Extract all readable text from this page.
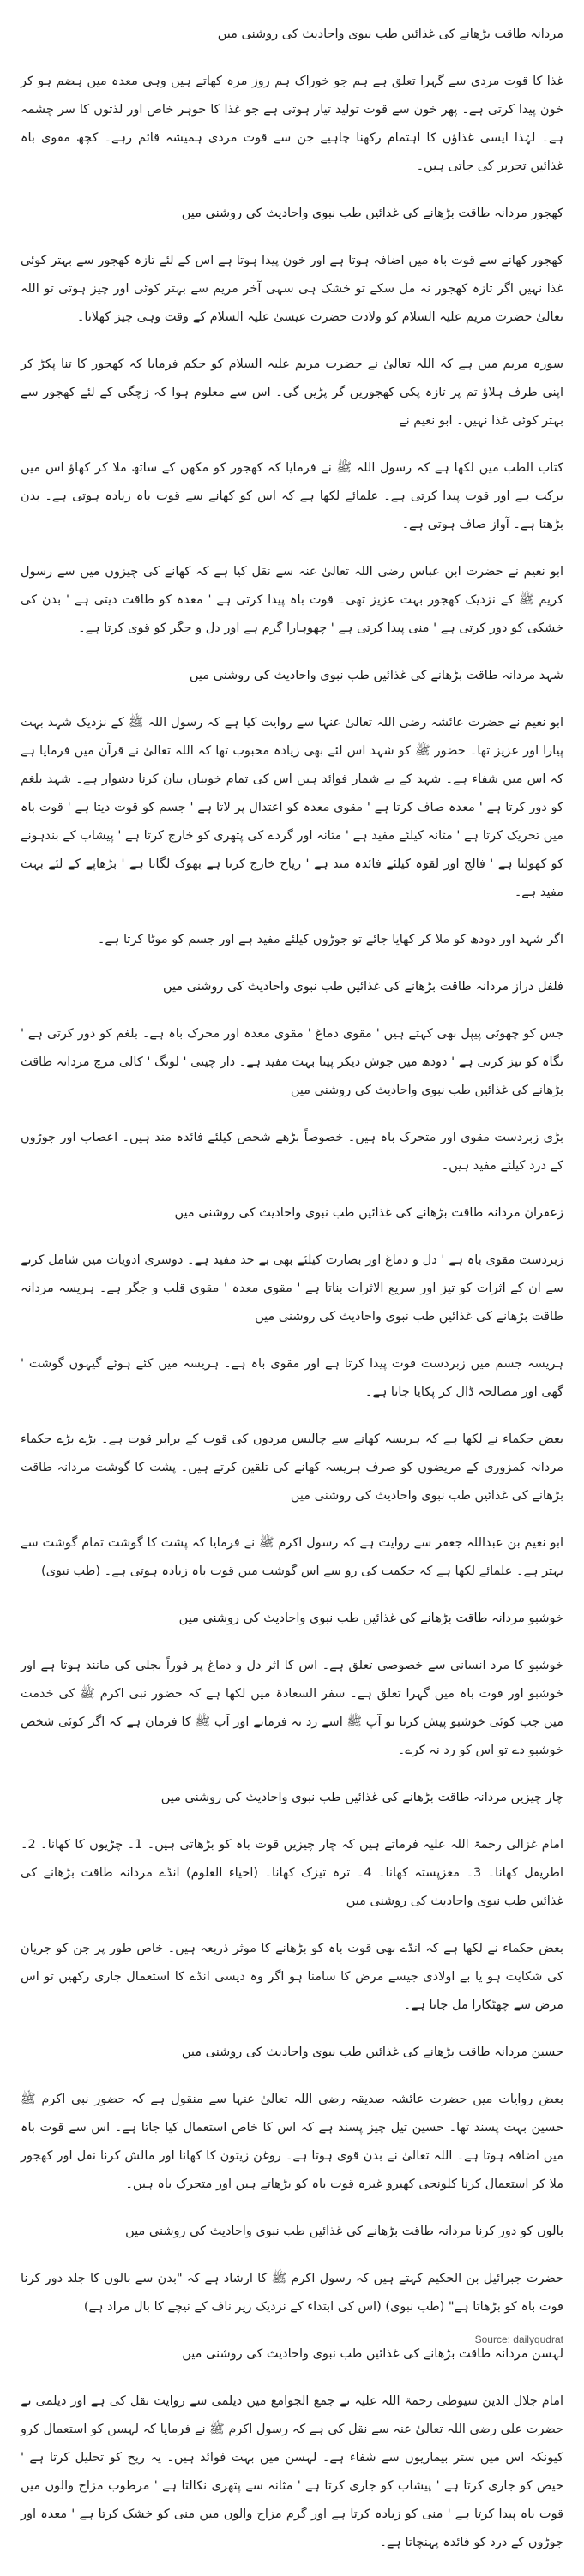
مردانہ طاقت بڑھانے کی غذائیں طب نبوی واحادیث کی روشنی میں

غذا کا قوت مردی سے گہرا تعلق ہے ہم جو خوراک ہم روز مرہ کھاتے ہیں وہی معدہ میں ہضم ہو کر خون پیدا کرتی ہے۔ پھر خون سے قوت تولید تیار ہوتی ہے جو غذا کا جوہر خاص اور لذتوں کا سر چشمہ ہے۔ لہٰذا ایسی غذاؤں کا اہتمام رکھنا چاہیے جن سے قوت مردی ہمیشہ قائم رہے۔ کچھ مقوی باہ غذائیں تحریر کی جاتی ہیں۔

کھجور مردانہ طاقت بڑھانے کی غذائیں طب نبوی واحادیث کی روشنی میں

کھجور کھانے سے قوت باہ میں اضافہ ہوتا ہے اور خون پیدا ہوتا ہے اس کے لئے تازہ کھجور سے بہتر کوئی غذا نہیں اگر تازہ کھجور نہ مل سکے تو خشک ہی سہی آخر مریم سے بہتر کوئی اور چیز ہوتی تو اللہ تعالیٰ حضرت مریم علیہ السلام کو ولادت حضرت عیسیٰ علیہ السلام کے وقت وہی چیز کھلاتا۔

سورہ مریم میں ہے کہ اللہ تعالیٰ نے حضرت مریم علیہ السلام کو حکم فرمایا کہ کھجور کا تنا پکڑ کر اپنی طرف ہلاؤ تم پر تازہ پکی کھجوریں گر پڑیں گی۔ اس سے معلوم ہوا کہ زچگی کے لئے کھجور سے بہتر کوئی غذا نہیں۔ ابو نعیم نے

کتاب الطب میں لکھا ہے کہ رسول اللہ ﷺ نے فرمایا کہ کھجور کو مکھن کے ساتھ ملا کر کھاؤ اس میں برکت ہے اور قوت پیدا کرتی ہے۔ علمائے لکھا ہے کہ اس کو کھانے سے قوت باہ زیادہ ہوتی ہے۔ بدن بڑھتا ہے۔ آواز صاف ہوتی ہے۔

ابو نعیم نے حضرت ابن عباس رضی اللہ تعالیٰ عنہ سے نقل کیا ہے کہ کھانے کی چیزوں میں سے رسول کریم ﷺ کے نزدیک کھجور بہت عزیز تھی۔ قوت باہ پیدا کرتی ہے ' معدہ کو طاقت دیتی ہے ' بدن کی خشکی کو دور کرتی ہے ' منی پیدا کرتی ہے ' چھوہارا گرم ہے اور دل و جگر کو قوی کرتا ہے۔

شہد مردانہ طاقت بڑھانے کی غذائیں طب نبوی واحادیث کی روشنی میں

ابو نعیم نے حضرت عائشہ رضی اللہ تعالیٰ عنہا سے روایت کیا ہے کہ رسول اللہ ﷺ کے نزدیک شہد بہت پیارا اور عزیز تھا۔ حضور ﷺ کو شہد اس لئے بھی زیادہ محبوب تھا کہ اللہ تعالیٰ نے قرآن میں فرمایا ہے کہ اس میں شفاء ہے۔ شہد کے بے شمار فوائد ہیں اس کی تمام خوبیاں بیان کرنا دشوار ہے۔ شہد بلغم کو دور کرتا ہے ' معدہ صاف کرتا ہے ' مقوی معدہ کو اعتدال پر لاتا ہے ' جسم کو قوت دیتا ہے ' قوت باہ میں تحریک کرتا ہے ' مثانہ کیلئے مفید ہے ' مثانہ اور گردے کی پتھری کو خارج کرتا ہے ' پیشاب کے بندہونے کو کھولتا ہے ' فالج اور لقوہ کیلئے فائدہ مند ہے ' ریاح خارج کرتا ہے بھوک لگاتا ہے ' بڑھاپے کے لئے بہت مفید ہے۔

اگر شہد اور دودھ کو ملا کر کھایا جائے تو جوڑوں کیلئے مفید ہے اور جسم کو موٹا کرتا ہے۔

فلفل دراز مردانہ طاقت بڑھانے کی غذائیں طب نبوی واحادیث کی روشنی میں

جس کو چھوٹی پیپل بھی کہتے ہیں ' مقوی دماغ ' مقوی معدہ اور محرک باہ ہے۔ بلغم کو دور کرتی ہے ' نگاہ کو تیز کرتی ہے ' دودھ میں جوش دیکر پینا بہت مفید ہے۔ دار چینی ' لونگ ' کالی مرچ مردانہ طاقت بڑھانے کی غذائیں طب نبوی واحادیث کی روشنی میں

بڑی زبردست مقوی اور متحرک باہ ہیں۔ خصوصاً بڑھے شخص کیلئے فائدہ مند ہیں۔ اعصاب اور جوڑوں کے درد کیلئے مفید ہیں۔

زعفران مردانہ طاقت بڑھانے کی غذائیں طب نبوی واحادیث کی روشنی میں

زبردست مقوی باہ ہے ' دل و دماغ اور بصارت کیلئے بھی بے حد مفید ہے۔ دوسری ادویات میں شامل کرنے سے ان کے اثرات کو تیز اور سریع الاثرات بناتا ہے ' مقوی معدہ ' مقوی قلب و جگر ہے۔ ہریسہ مردانہ طاقت بڑھانے کی غذائیں طب نبوی واحادیث کی روشنی میں

ہریسہ جسم میں زبردست قوت پیدا کرتا ہے اور مقوی باہ ہے۔ ہریسہ میں کئے ہوئے گیہوں گوشت ' گھی اور مصالحہ ڈال کر پکایا جاتا ہے۔

بعض حکماء نے لکھا ہے کہ ہریسہ کھانے سے چالیس مردوں کی قوت کے برابر قوت ہے۔ بڑے بڑے حکماء مردانہ کمزوری کے مریضوں کو صرف ہریسہ کھانے کی تلقین کرتے ہیں۔ پشت کا گوشت مردانہ طاقت بڑھانے کی غذائیں طب نبوی واحادیث کی روشنی میں

ابو نعیم بن عبداللہ جعفر سے روایت ہے کہ رسول اکرم ﷺ نے فرمایا کہ پشت کا گوشت تمام گوشت سے بہتر ہے۔ علمائے لکھا ہے کہ حکمت کی رو سے اس گوشت میں قوت باہ زیادہ ہوتی ہے۔ (طب نبوی)

خوشبو مردانہ طاقت بڑھانے کی غذائیں طب نبوی واحادیث کی روشنی میں

خوشبو کا مرد انسانی سے خصوصی تعلق ہے۔ اس کا اثر دل و دماغ پر فوراً بجلی کی مانند ہوتا ہے اور خوشبو اور قوت باہ میں گہرا تعلق ہے۔ سفر السعادۃ میں لکھا ہے کہ حضور نبی اکرم ﷺ کی خدمت میں جب کوئی خوشبو پیش کرتا تو آپ ﷺ اسے رد نہ فرماتے اور آپ ﷺ کا فرمان ہے کہ اگر کوئی شخص خوشبو دے تو اس کو رد نہ کرے۔

چار چیزیں مردانہ طاقت بڑھانے کی غذائیں طب نبوی واحادیث کی روشنی میں

امام غزالی رحمۃ اللہ علیہ فرماتے ہیں کہ چار چیزیں قوت باہ کو بڑھاتی ہیں۔ 1۔ چڑیوں کا کھانا۔ 2۔ اطریفل کھانا۔ 3۔ مغزپستہ کھانا۔ 4۔ ترہ تیزک کھانا۔ (احیاء العلوم) انڈے مردانہ طاقت بڑھانے کی غذائیں طب نبوی واحادیث کی روشنی میں

بعض حکماء نے لکھا ہے کہ انڈے بھی قوت باہ کو بڑھانے کا موثر ذریعہ ہیں۔ خاص طور پر جن کو جریان کی شکایت ہو یا بے اولادی جیسے مرض کا سامنا ہو اگر وہ دیسی انڈے کا استعمال جاری رکھیں تو اس مرض سے چھٹکارا مل جاتا ہے۔

حسین مردانہ طاقت بڑھانے کی غذائیں طب نبوی واحادیث کی روشنی میں

بعض روایات میں حضرت عائشہ صدیقہ رضی اللہ تعالیٰ عنہا سے منقول ہے کہ حضور نبی اکرم ﷺ حسین بہت پسند تھا۔ حسین تیل چیز پسند ہے کہ اس کا خاص استعمال کیا جاتا ہے۔ اس سے قوت باہ میں اضافہ ہوتا ہے۔ اللہ تعالیٰ نے بدن قوی ہوتا ہے۔ روغن زیتون کا کھانا اور مالش کرنا نقل اور کھجور ملا کر استعمال کرنا کلونجی کھیرو غیرہ قوت باہ کو بڑھاتے ہیں اور متحرک باہ ہیں۔

بالوں کو دور کرنا مردانہ طاقت بڑھانے کی غذائیں طب نبوی واحادیث کی روشنی میں

حضرت جبرائیل بن الحکیم کہتے ہیں کہ رسول اکرم ﷺ کا ارشاد ہے کہ "بدن سے بالوں کا جلد دور کرنا قوت باہ کو بڑھاتا ہے" (طب نبوی) (اس کی ابتداء کے نزدیک زیر ناف کے نیچے کا بال مراد ہے)

لہسن مردانہ طاقت بڑھانے کی غذائیں طب نبوی واحادیث کی روشنی میں

امام جلال الدین سیوطی رحمۃ اللہ علیہ نے جمع الجوامع میں دیلمی سے روایت نقل کی ہے اور دیلمی نے حضرت علی رضی اللہ تعالیٰ عنہ سے نقل کی ہے کہ رسول اکرم ﷺ نے فرمایا کہ لہسن کو استعمال کرو کیونکہ اس میں ستر بیماریوں سے شفاء ہے۔ لہسن میں بہت فوائد ہیں۔ یہ ریح کو تحلیل کرتا ہے ' حیض کو جاری کرتا ہے ' پیشاب کو جاری کرتا ہے ' مثانہ سے پتھری نکالتا ہے ' مرطوب مزاج والوں میں قوت باہ پیدا کرتا ہے ' منی کو زیادہ کرتا ہے اور گرم مزاج والوں میں منی کو خشک کرتا ہے ' معدہ اور جوڑوں کے درد کو فائدہ پہنچاتا ہے۔

Source: dailyqudrat
